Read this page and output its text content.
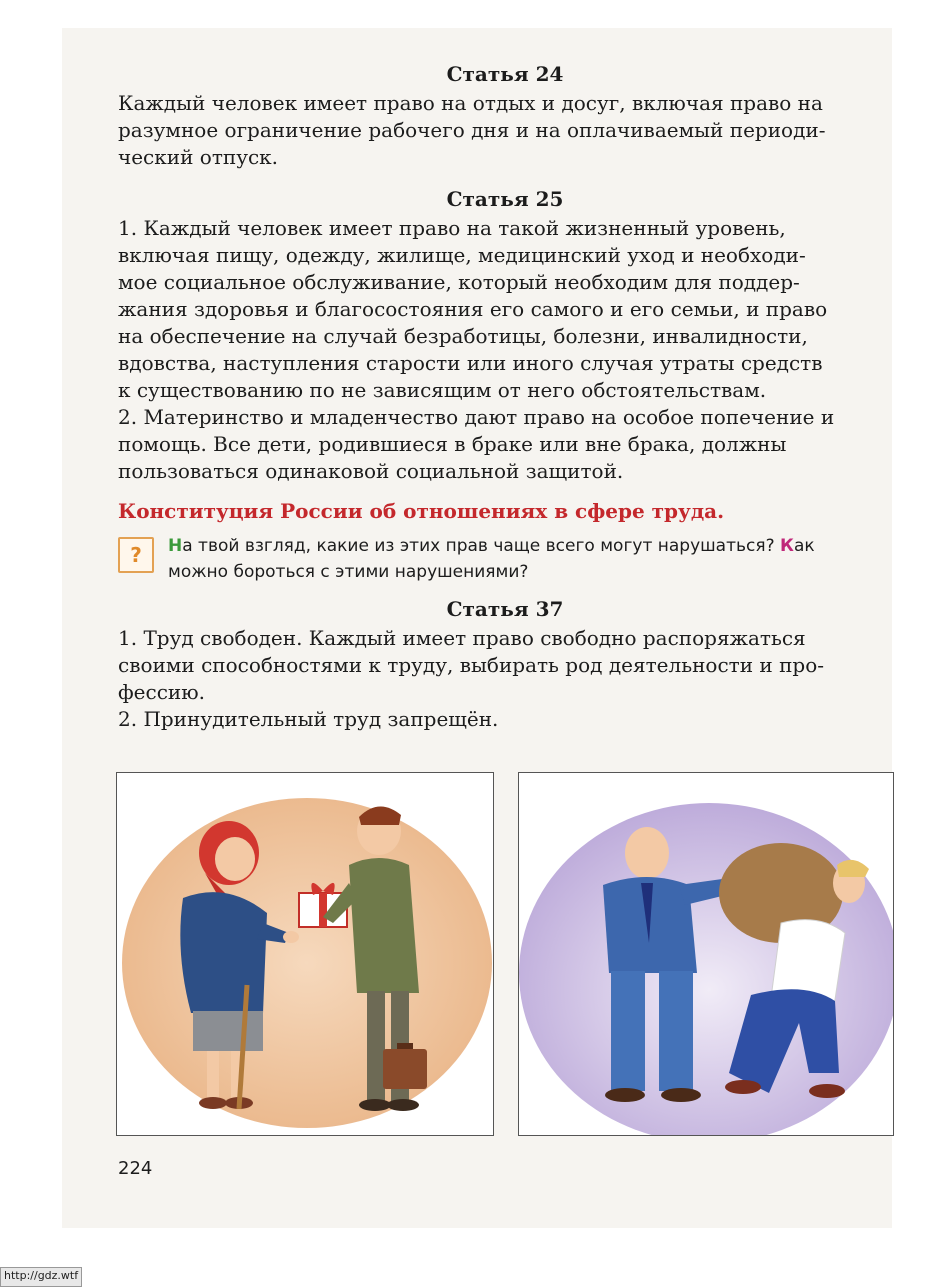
Статья 24

Каждый человек имеет право на отдых и досуг, включая право на

разумное ограничение рабочего дня и на оплачиваемый периоди-

ческий отпуск.

Статья 25

1. Каждый человек имеет право на такой жизненный уровень,

включая пищу, одежду, жилище, медицинский уход и необходи-

мое социальное обслуживание, который необходим для поддер-

жания здоровья и благосостояния его самого и его семьи, и право

на обеспечение на случай безработицы, болезни, инвалидности,

вдовства, наступления старости или иного случая утраты средств

к существованию по не зависящим от него обстоятельствам.

2. Материнство и младенчество дают право на особое попечение и

помощь. Все дети, родившиеся в браке или вне брака, должны

пользоваться одинаковой социальной защитой.

Конституция России об отношениях в сфере труда.
?	На твой взгляд, какие из этих прав чаще всего могут нарушаться? Как
можно бороться с этими нарушениями?
Статья 37

1. Труд свободен. Каждый имеет право свободно распоряжаться

своими способностями к труду, выбирать род деятельности и про-

фессию.

2. Принудительный труд запрещён.

224
http://gdz.wtf
